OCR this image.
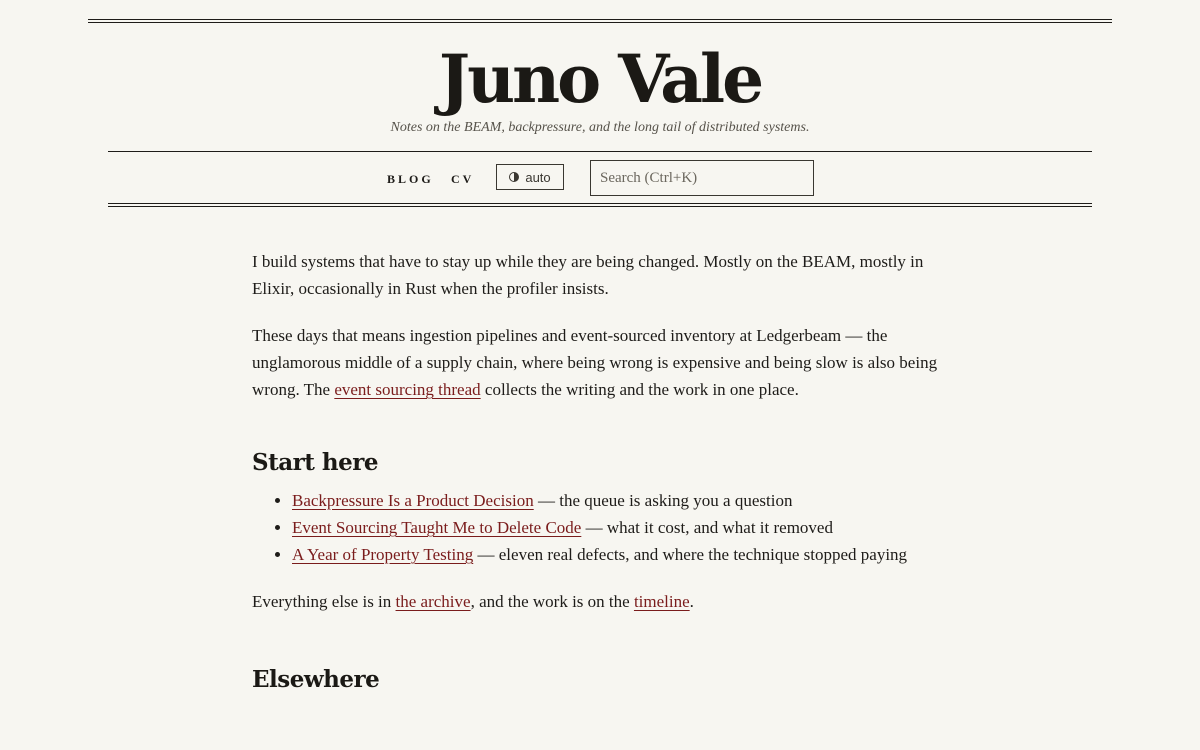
Juno Vale
Notes on the BEAM, backpressure, and the long tail of distributed systems.
BLOG CV	auto
Search (Ctrl+K)

I build systems that have to stay up while they are being changed. Mostly on the BEAM, mostly in Elixir, occasionally in Rust when the profiler insists.

These days that means ingestion pipelines and event-sourced inventory at Ledgerbeam — the unglamorous middle of a supply chain, where being wrong is expensive and being slow is also being wrong. The event sourcing thread collects the writing and the work in one place.

Start here
• Backpressure Is a Product Decision — the queue is asking you a question
• Event Sourcing Taught Me to Delete Code — what it cost, and what it removed
• A Year of Property Testing — eleven real defects, and where the technique stopped paying

Everything else is in the archive, and the work is on the timeline.

Elsewhere
